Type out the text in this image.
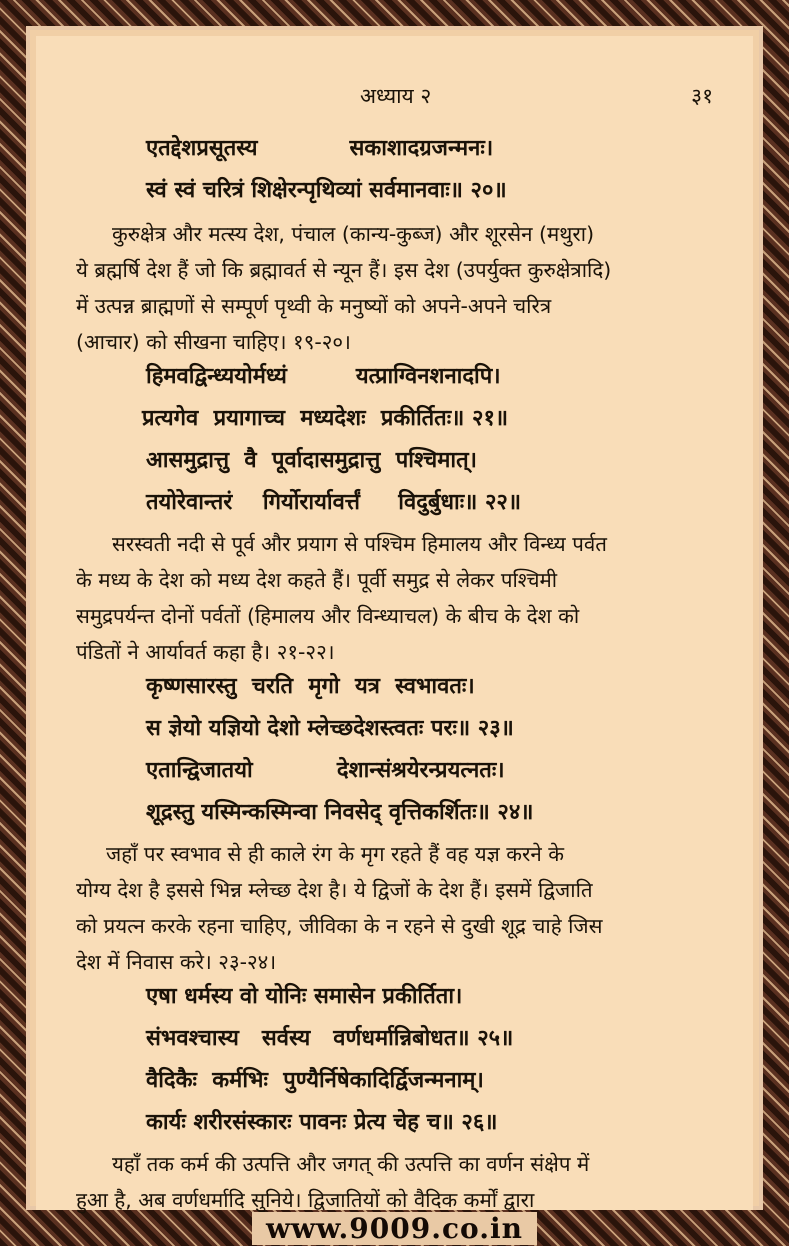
अध्याय २	३१
एतद्देशप्रसूतस्य            सकाशादग्रजन्मनः।
स्वं स्वं चरित्रं शिक्षेरन्पृथिव्यां सर्वमानवाः॥ २०॥
कुरुक्षेत्र और मत्स्य देश, पंचाल (कान्य-कुब्ज) और शूरसेन (मथुरा)
ये ब्रह्मर्षि देश हैं जो कि ब्रह्मावर्त से न्यून हैं। इस देश (उपर्युक्त कुरुक्षेत्रादि)
में उत्पन्न ब्राह्मणों से सम्पूर्ण पृथ्वी के मनुष्यों को अपने-अपने चरित्र
(आचार) को सीखना चाहिए। १९-२०।
हिमवद्विन्ध्ययोर्मध्यं         यत्प्राग्विनशनादपि।
प्रत्यगेव  प्रयागाच्च  मध्यदेशः  प्रकीर्तितः॥ २१॥
आसमुद्रात्तु  वै  पूर्वादासमुद्रात्तु  पश्चिमात्।
तयोरेवान्तरं    गिर्योरार्यावर्त्तं     विदुर्बुधाः॥ २२॥
सरस्वती नदी से पूर्व और प्रयाग से पश्चिम हिमालय और विन्ध्य पर्वत
के मध्य के देश को मध्य देश कहते हैं। पूर्वी समुद्र से लेकर पश्चिमी
समुद्रपर्यन्त दोनों पर्वतों (हिमालय और विन्ध्याचल) के बीच के देश को
पंडितों ने आर्यावर्त कहा है। २१-२२।
कृष्णसारस्तु  चरति  मृगो  यत्र  स्वभावतः।
स ज्ञेयो यज्ञियो देशो म्लेच्छदेशस्त्वतः परः॥ २३॥
एतान्द्विजातयो           देशान्संश्रयेरन्प्रयत्नतः।
शूद्रस्तु यस्मिन्कस्मिन्वा निवसेद् वृत्तिकर्शितः॥ २४॥
जहाँ पर स्वभाव से ही काले रंग के मृग रहते हैं वह यज्ञ करने के
योग्य देश है इससे भिन्न म्लेच्छ देश है। ये द्विजों के देश हैं। इसमें द्विजाति
को प्रयत्न करके रहना चाहिए, जीविका के न रहने से दुखी शूद्र चाहे जिस
देश में निवास करे। २३-२४।
एषा धर्मस्य वो योनिः समासेन प्रकीर्तिता।
संभवश्चास्य   सर्वस्य   वर्णधर्मान्निबोधत॥ २५॥
वैदिकैः  कर्मभिः  पुण्यैर्निषेकादिर्द्विजन्मनाम्।
कार्यः शरीरसंस्कारः पावनः प्रेत्य चेह च॥ २६॥
यहाँ तक कर्म की उत्पत्ति और जगत् की उत्पत्ति का वर्णन संक्षेप में
हुआ है, अब वर्णधर्मादि सुनिये। द्विजातियों को वैदिक कर्मों द्वारा
www.9009.co.in
